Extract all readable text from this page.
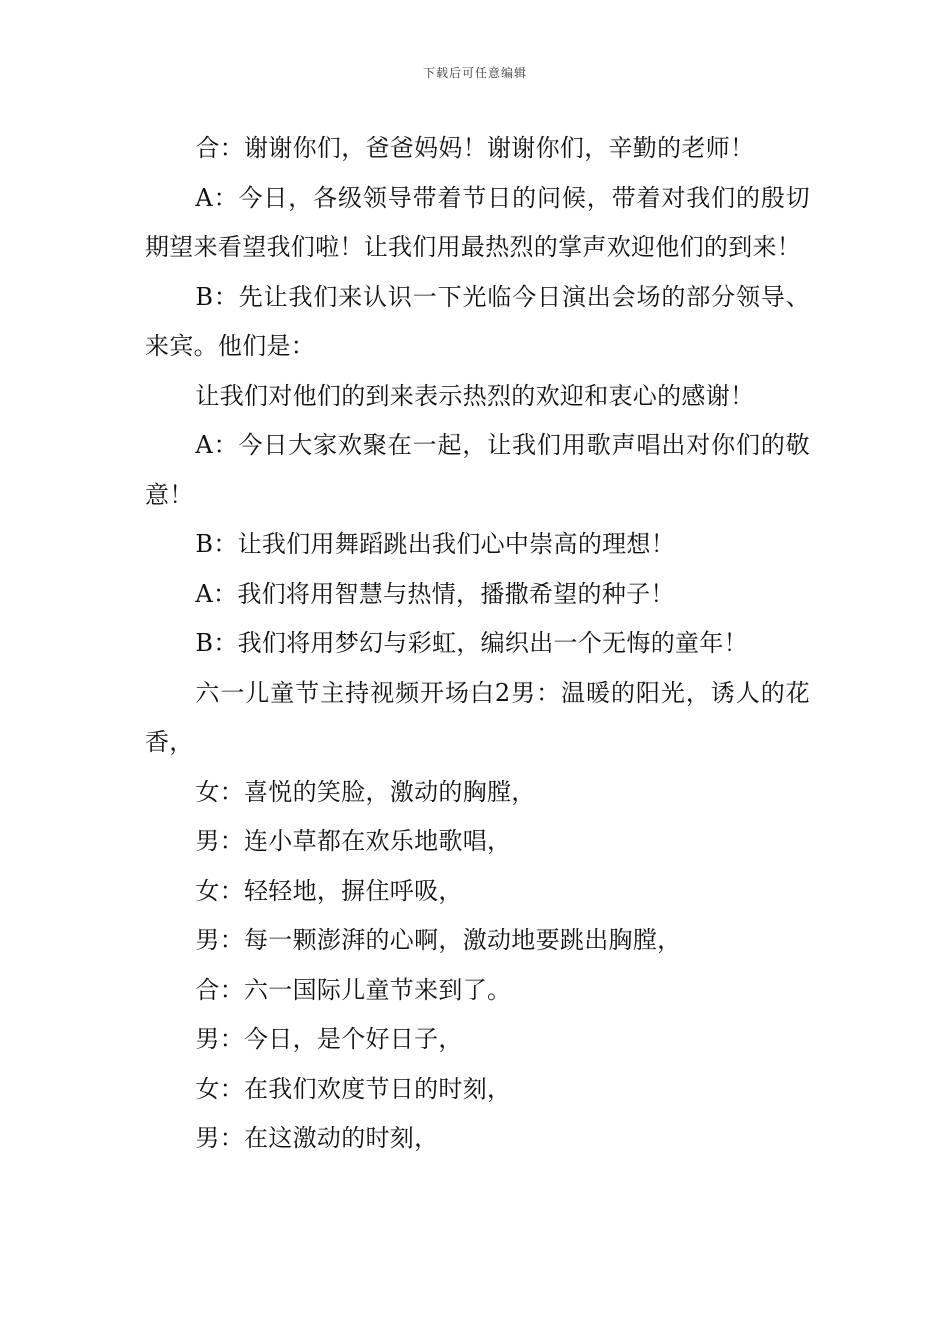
下载后可任意编辑

合：谢谢你们，爸爸妈妈！谢谢你们，辛勤的老师！

A：今日，各级领导带着节日的问候，带着对我们的殷切期望来看望我们啦！让我们用最热烈的掌声欢迎他们的到来！

B：先让我们来认识一下光临今日演出会场的部分领导、来宾。他们是：

让我们对他们的到来表示热烈的欢迎和衷心的感谢！

A：今日大家欢聚在一起，让我们用歌声唱出对你们的敬意！

B：让我们用舞蹈跳出我们心中崇高的理想！

A：我们将用智慧与热情，播撒希望的种子！

B：我们将用梦幻与彩虹，编织出一个无悔的童年！

六一儿童节主持视频开场白2男：温暖的阳光，诱人的花香，

女：喜悦的笑脸，激动的胸膛，

男：连小草都在欢乐地歌唱，

女：轻轻地，摒住呼吸，

男：每一颗澎湃的心啊，激动地要跳出胸膛，

合：六一国际儿童节来到了。

男：今日，是个好日子，

女：在我们欢度节日的时刻，

男：在这激动的时刻，
